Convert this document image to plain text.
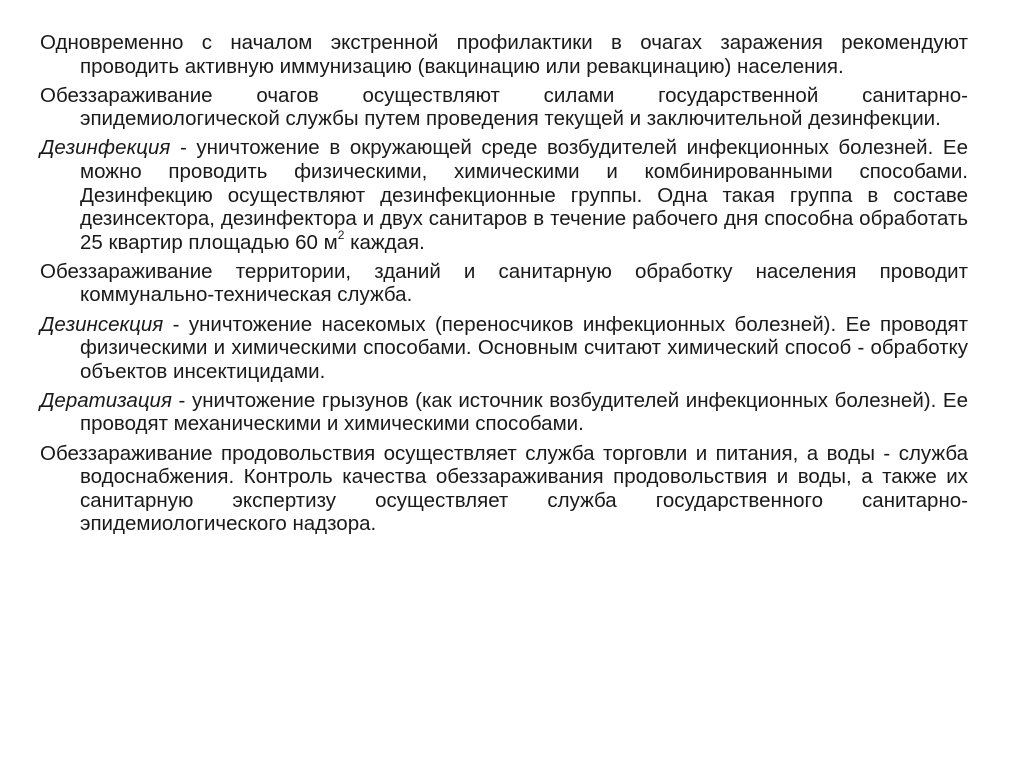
Одновременно с началом экстренной профилактики в очагах заражения рекомендуют проводить активную иммунизацию (вакцинацию или ревакцинацию) населения.

Обеззараживание очагов осуществляют силами государственной санитарно-эпидемиологической службы путем проведения текущей и заключительной дезинфекции.

Дезинфекция - уничтожение в окружающей среде возбудителей инфекционных болезней. Ее можно проводить физическими, химическими и комбинированными способами. Дезинфекцию осуществляют дезинфекционные группы. Одна такая группа в составе дезинсектора, дезинфектора и двух санитаров в течение рабочего дня способна обработать 25 квартир площадью 60 $м^2$ каждая.

Обеззараживание территории, зданий и санитарную обработку населения проводит коммунально-техническая служба.

Дезинсекция - уничтожение насекомых (переносчиков инфекционных болезней). Ее проводят физическими и химическими способами. Основным считают химический способ - обработку объектов инсектицидами.

Дератизация - уничтожение грызунов (как источник возбудителей инфекционных болезней). Ее проводят механическими и химическими способами.

Обеззараживание продовольствия осуществляет служба торговли и питания, а воды - служба водоснабжения. Контроль качества обеззараживания продовольствия и воды, а также их санитарную экспертизу осуществляет служба государственного санитарно-эпидемиологического надзора.
